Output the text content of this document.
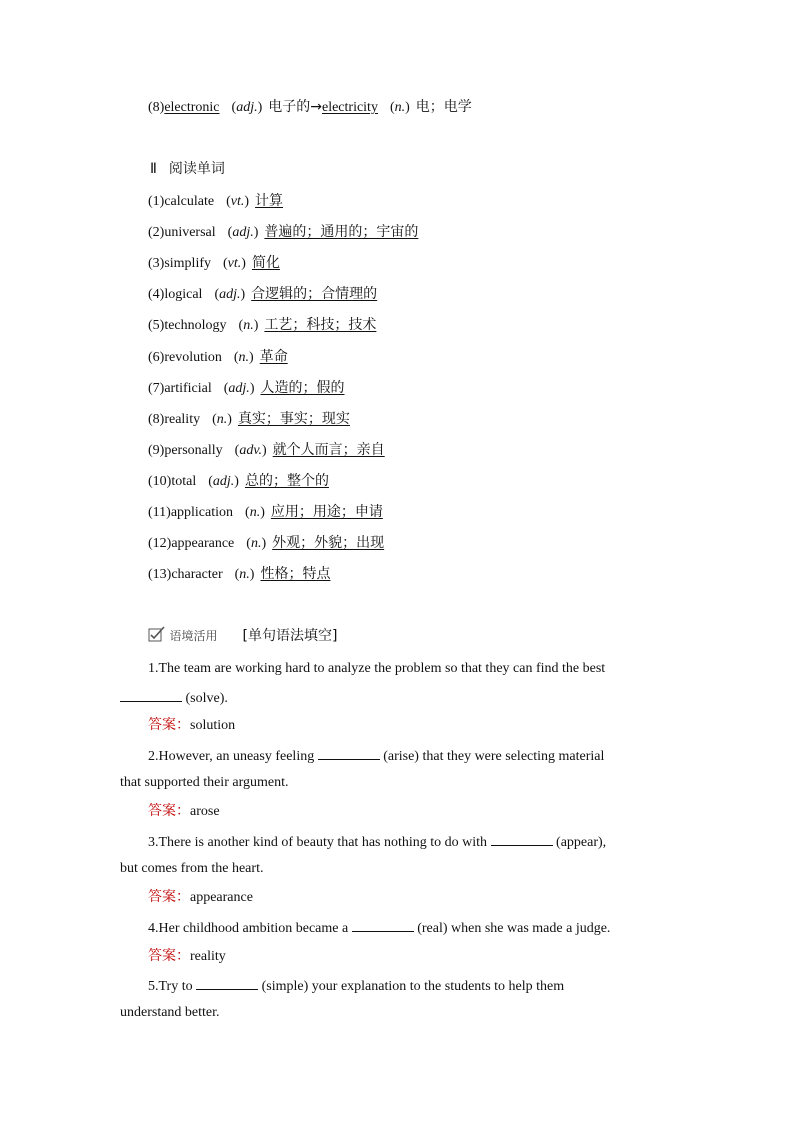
(8)electronic (adj.) 电子的→electricity (n.) 电；电学
Ⅱ 阅读单词
(1)calculate (vt.) 计算
(2)universal (adj.) 普遍的；通用的；宇宙的
(3)simplify (vt.) 简化
(4)logical (adj.) 合逻辑的；合情理的
(5)technology (n.) 工艺；科技；技术
(6)revolution (n.) 革命
(7)artificial (adj.) 人造的；假的
(8)reality (n.) 真实；事实；现实
(9)personally (adv.) 就个人而言；亲自
(10)total (adj.) 总的；整个的
(11)application (n.) 应用；用途；申请
(12)appearance (n.) 外观；外貌；出现
(13)character (n.) 性格；特点
语境活用 [单句语法填空]
1.The team are working hard to analyze the problem so that they can find the best
(solve).
答案：solution
2.However, an uneasy feeling	(arise) that they were selecting material
that supported their argument.
答案：arose
3.There is another kind of beauty that has nothing to do with	(appear),
but comes from the heart.
答案：appearance
4.Her childhood ambition became a	(real) when she was made a judge.
答案：reality
5.Try to	(simple) your explanation to the students to help them
understand better.
